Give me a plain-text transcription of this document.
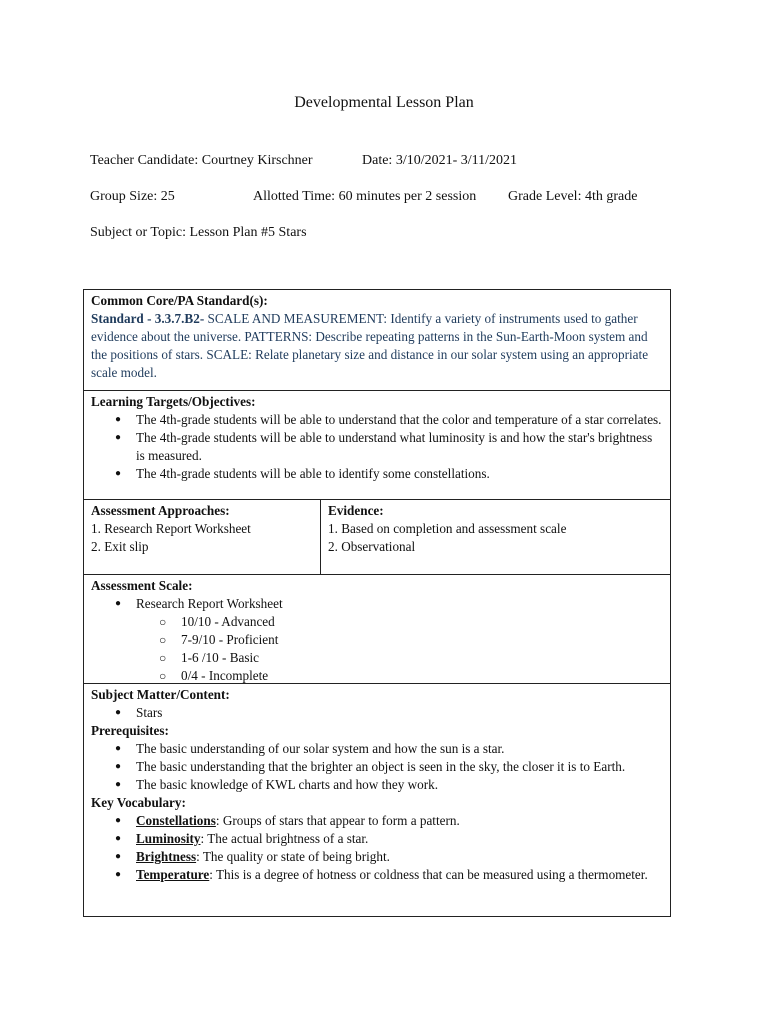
Developmental Lesson Plan
Teacher Candidate: Courtney Kirschner	Date: 3/10/2021- 3/11/2021
Group Size: 25	Allotted Time: 60 minutes per 2 session Grade Level: 4th grade
Subject or Topic: Lesson Plan #5 Stars
Common Core/PA Standard(s):
Standard - 3.3.7.B2- SCALE AND MEASUREMENT: Identify a variety of instruments used to gather evidence about the universe. PATTERNS: Describe repeating patterns in the Sun-Earth-Moon system and the positions of stars. SCALE: Relate planetary size and distance in our solar system using an appropriate scale model.
Learning Targets/Objectives:
● The 4th-grade students will be able to understand that the color and temperature of a star correlates.
● The 4th-grade students will be able to understand what luminosity is and how the star's brightness is measured.
● The 4th-grade students will be able to identify some constellations.
Assessment Approaches:
1. Research Report Worksheet
2. Exit slip
Evidence:
1. Based on completion and assessment scale
2. Observational
Assessment Scale:
● Research Report Worksheet
○ 10/10 - Advanced
○ 7-9/10 - Proficient
○ 1-6 /10 - Basic
○ 0/4 - Incomplete
Subject Matter/Content:
● Stars
Prerequisites:
● The basic understanding of our solar system and how the sun is a star.
● The basic understanding that the brighter an object is seen in the sky, the closer it is to Earth.
● The basic knowledge of KWL charts and how they work.
Key Vocabulary:
● Constellations: Groups of stars that appear to form a pattern.
● Luminosity: The actual brightness of a star.
● Brightness: The quality or state of being bright.
● Temperature: This is a degree of hotness or coldness that can be measured using a thermometer.
